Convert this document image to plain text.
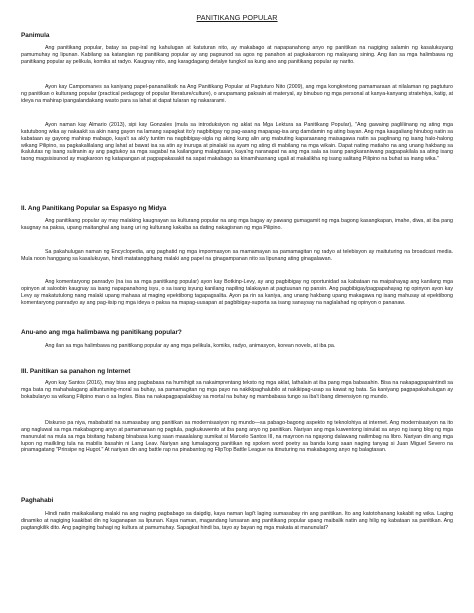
PANITIKANG POPULAR
Panimula

Ang panitikang popular, batay sa pag-iral ng kahulugan at katuturan nito, ay makabago at napapanahong anyo ng panitikan na nagiging salamin ng kasalukuyang pamumuhay ng lipunan. Kabilang sa katangian ng panitikang popular ay ang pagsunod sa agos ng panahon at pagkakaroon ng malayang sining. Ang ilan sa mga halimbawa ng panitikang popular ay pelikula, komiks at radyo. Kaugnay nito, ang karagdagang detalye tungkol sa kung ano ang panitikang popular ay narito.

Ayon kay Campomanes sa kaniyang papel-pananaliksik na Ang Panitikang Popular at Pagtuturo Nito (2009), ang mga kongkretong pamamaraan at nilalaman ng pagtuturo ng panitikan o kulturang popular (practical pedagogy of popular literature/culture), o anupamang paksain at materyal, ay binubuo ng mga personal at kanya-kanyang stratehiya, katig, at ideya na mahirap ipangalandakang wasto para sa lahat at dapat tularan ng nakararami.

Ayon naman kay Almario (2013), sipi kay Gonzales (mula sa introduksiyon ng aklat na Mga Lektura sa Panitikang Popular), "Ang gawaing pagliliinang ng ating mga katutubong wika ay nakaakit sa akin nang gayon na lamang sapagkat ito'y nagbibigay ng pag-asang mapapag-isa ang damdamin ng ating bayan. Ang mga kaugaliang hinubog natin sa kabataan ay gayong mahirap mabago, kaya't sa aki'y tuntim na nagbibigay-sigla ng aking kung alin ang mabuting kaparaanang maisagawa natin sa paglinang ng isang halo-halong wikang Pilipino, sa pagkakalilalang ang lahat at bawat isa sa atin ay inuruga at pinalaki sa ayam ng ating di mabilang na mga wikain. Dapat nating matiaho na ang unang hakbang sa ikalulutas ng isang suliranin ay ang pagtukoy sa mga sagabal na kailangang malagtasan, kaya'ng naranapat na ang mga sala sa isang pangkaraniwang pagpapakilala sa ating isang taong magsisisunod ay magkaroon ng katapangan at pagpapakasakit na sapat makabago sa kinamihasnang ugali at makalikha ng isang salitang Pilipino na buhat sa inang wika."

II. Ang Panitikang Popular sa Espasyo ng Midya

Ang panitikang popular ay may malaking kaugnayan sa kulturang popular na ang mga bagay ay pawang gumagamit ng mga bagong kasangkapan, imahe, diwa, at iba pang kaugnay na paksa, upang maitanghal ang isang uri ng kulturang kakaiba sa dating nakagisnan ng mga Pilipino.

Sa pakahulugan naman ng Encyclopedia, ang paghatid ng mga impormasyon sa mamamayan sa pamamagitan ng radyo at telebisyon ay maituturing na broadcast media. Mula noon hanggang sa kasalukuyan, hindi matatanggihang malaki ang papel na ginagampanan nito sa lipunang ating ginagalawan.

Ang komentaryong panradyo (na isa sa mga panitikang popular) ayon kay Botkinp-Levy, ay ang pagbibigay ng oportunidad sa kabataan na maipahayag ang kanilang mga opinyon at saloobin kaugnay sa isang napapanahong isyu, o sa isang isyung kanilang napiling talakayan at pagtuunan ng pansin. Ang pagbibigay/pagpapahayag ng opinyon ayon kay Levy ay makatutulong nang malaki upang mahasa at maging epektibong tagapagsalita. Ayon pa rin sa kaniya, ang unang hakbang upang makagawa ng isang mahusay at epektibong komentaryong panradyo ay ang pag-iisip ng mga ideya o paksa na mapag-uusapan at pagbibigay-suporta sa isang sanaysay na naglalahad ng opinyon o pananaw.

Anu-ano ang mga halimbawa ng panitikang popular?

Ang ilan sa mga halimbawa ng panitikang popular ay ang mga pelikula, komiks, radyo, animasyon, korean novels, at iba pa.

III. Panitikan sa panahon ng Internet

Ayon kay Santos (2016), may bisa ang pagbabasa na humihigit sa nakaimprentang teksto ng mga aklat, lathalain at iba pang mga babasahin. Bisa na nakapagpapaintindi sa mga bata ng mahahalagang alituntuning-moral sa buhay, sa pamamagitan ng mga payo na nakikipaghalubilo at nakikipag-usap sa kawat ng bata. Sa kaniyang pagpapakahulugan ay bokabularyo sa wikang Filipino man o sa Ingles. Bisa na nakapagpapalakbay sa mortal na buhay ng mambabasa tungo sa iba't ibang dimensiyon ng mundo.

Diskurso pa niya, mababatid na sumasabay ang panitikan sa modernisasiyon ng mundo—sa pabago-bagong aspekto ng teknolohiya at internet. Ang modernisasiyon na ito ang nagluwal sa mga makabagong anyo at pamamaraan ng pagtula, pagkukuwento at iba pang anyo ng panitikan. Nariyan ang mga kuwentong isinulat sa anyo ng isang blog ng mga manunulat na mula sa mga bisitang habang binabasa kung saan maaalalang sumikat si Marcelo Santos III, na mayroon na ngayong dalawang nailimbag na libro. Nariyan din ang mga lupon ng mailkling tula na mabilis basahin ni Lang Leav. Nariyan ang lumalagong panitikan ng spoken word poetry sa banda kung saan naging tanyag si Juan Miguel Severo na pinamagatang "Prinsipe ng Hugot." At nariyan din ang battle rap na pinabantog ng FlipTop Battle League na itinuturing na makabagong anyo ng balagtasan.

Paghahabi

Hindi natin maikakailang malaki na ang naging pagbabago sa daigdig, kaya naman lagi't laging sumasabay rin ang panitikan. Ito ang katotohanang kakabit ng wika. Laging dinamiko at nagiging kaakibat din ng kaganapan sa lipunan. Kaya naman, magandang lunsaran ang panitikang popular upang maibalik natin ang hilig ng kabataan sa panitikan. Ang pagtangkilik dito. Ang paginging bahagi ng kultura at pamumuhay. Sapagkat hindi ba, tayo ay bayan ng mga makata at manunulat?
